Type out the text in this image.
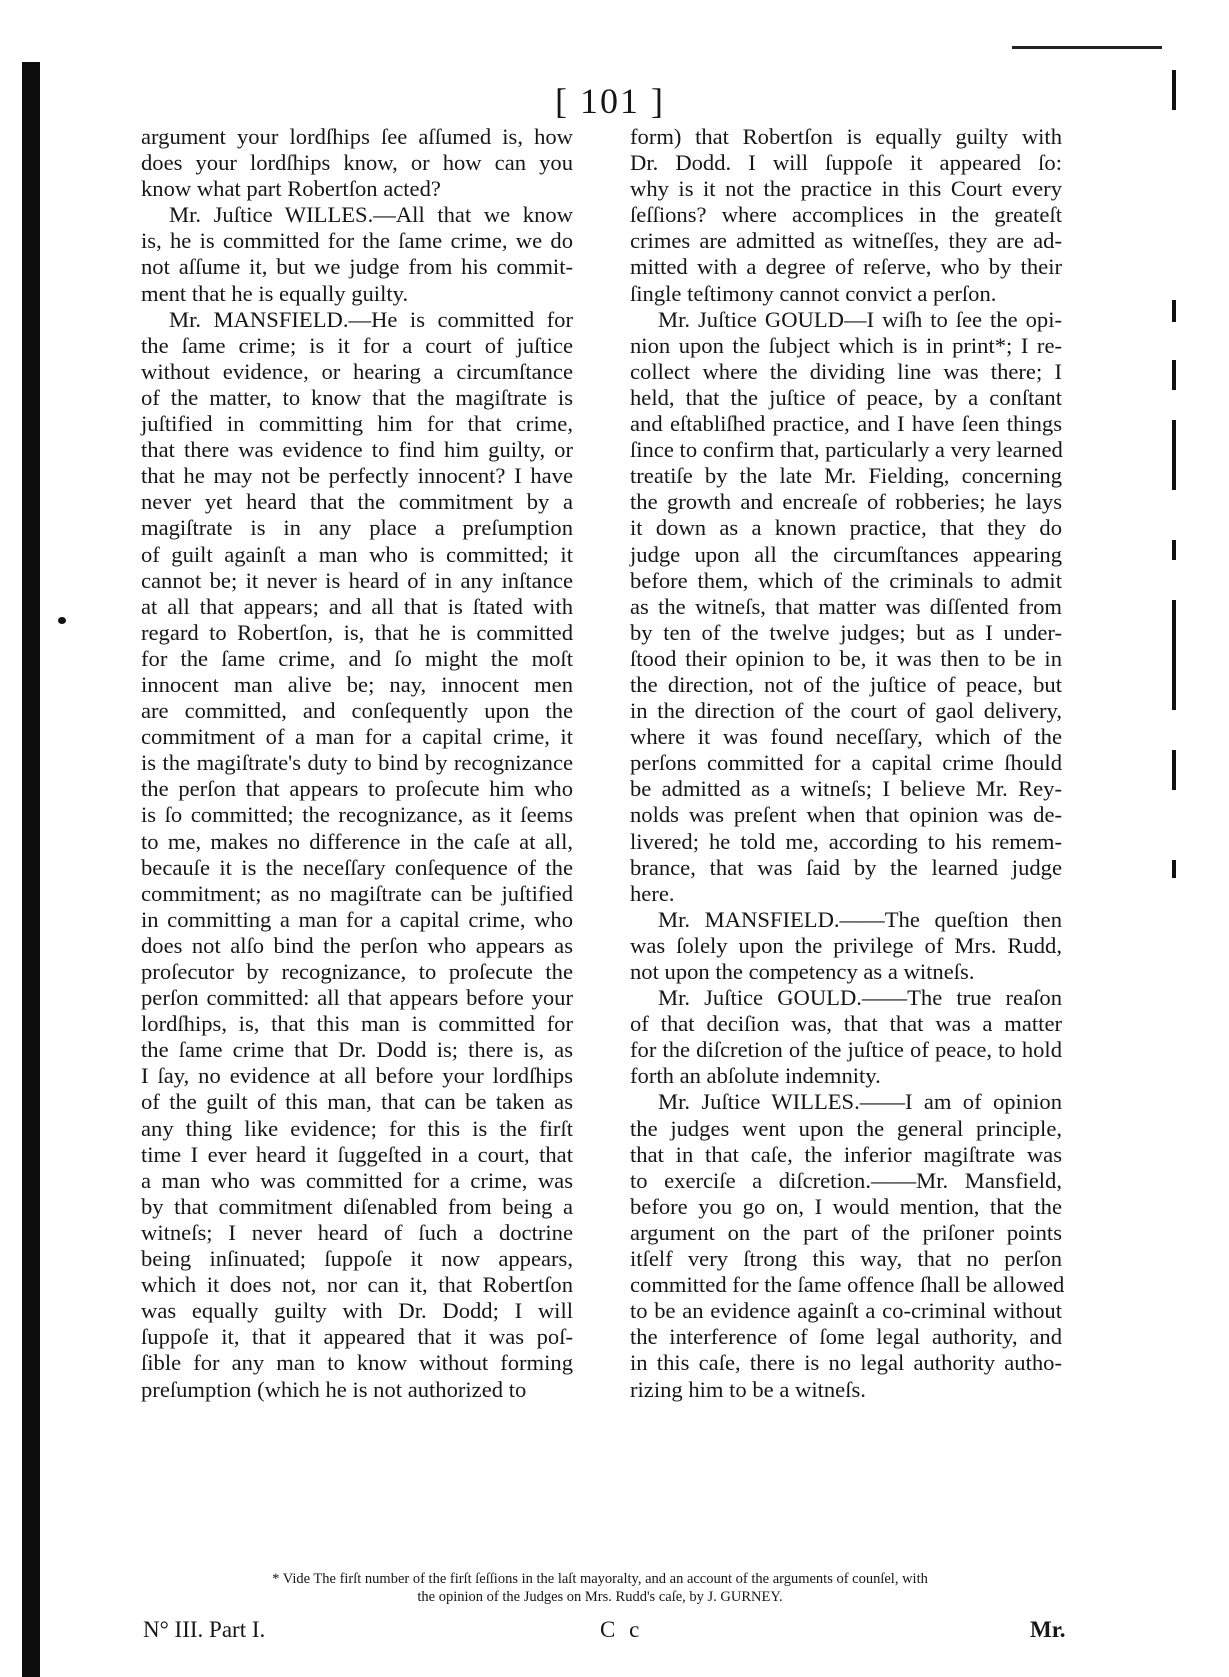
[ 101 ]
argument your lordſhips ſee aſſumed is, how
does your lordſhips know, or how can you
know what part Robertſon acted?
Mr. Juſtice WILLES.—All that we know
is, he is committed for the ſame crime, we do
not aſſume it, but we judge from his commit-
ment that he is equally guilty.
Mr. MANSFIELD.—He is committed for
the ſame crime; is it for a court of juſtice
without evidence, or hearing a circumſtance
of the matter, to know that the magiſtrate is
juſtified in committing him for that crime,
that there was evidence to find him guilty, or
that he may not be perfectly innocent? I have
never yet heard that the commitment by a
magiſtrate is in any place a preſumption
of guilt againſt a man who is committed; it
cannot be; it never is heard of in any inſtance
at all that appears; and all that is ſtated with
regard to Robertſon, is, that he is committed
for the ſame crime, and ſo might the moſt
innocent man alive be; nay, innocent men
are committed, and conſequently upon the
commitment of a man for a capital crime, it
is the magiſtrate's duty to bind by recognizance
the perſon that appears to proſecute him who
is ſo committed; the recognizance, as it ſeems
to me, makes no difference in the caſe at all,
becauſe it is the neceſſary conſequence of the
commitment; as no magiſtrate can be juſtified
in committing a man for a capital crime, who
does not alſo bind the perſon who appears as
proſecutor by recognizance, to proſecute the
perſon committed: all that appears before your
lordſhips, is, that this man is committed for
the ſame crime that Dr. Dodd is; there is, as
I ſay, no evidence at all before your lordſhips
of the guilt of this man, that can be taken as
any thing like evidence; for this is the firſt
time I ever heard it ſuggeſted in a court, that
a man who was committed for a crime, was
by that commitment diſenabled from being a
witneſs; I never heard of ſuch a doctrine
being inſinuated; ſuppoſe it now appears,
which it does not, nor can it, that Robertſon
was equally guilty with Dr. Dodd; I will
ſuppoſe it, that it appeared that it was poſ-
ſible for any man to know without forming
preſumption (which he is not authorized to
form) that Robertſon is equally guilty with
Dr. Dodd. I will ſuppoſe it appeared ſo:
why is it not the practice in this Court every
ſeſſions? where accomplices in the greateſt
crimes are admitted as witneſſes, they are ad-
mitted with a degree of reſerve, who by their
ſingle teſtimony cannot convict a perſon.
Mr. Juſtice GOULD—I wiſh to ſee the opi-
nion upon the ſubject which is in print*; I re-
collect where the dividing line was there; I
held, that the juſtice of peace, by a conſtant
and eſtabliſhed practice, and I have ſeen things
ſince to confirm that, particularly a very learned
treatiſe by the late Mr. Fielding, concerning
the growth and encreaſe of robberies; he lays
it down as a known practice, that they do
judge upon all the circumſtances appearing
before them, which of the criminals to admit
as the witneſs, that matter was diſſented from
by ten of the twelve judges; but as I under-
ſtood their opinion to be, it was then to be in
the direction, not of the juſtice of peace, but
in the direction of the court of gaol delivery,
where it was found neceſſary, which of the
perſons committed for a capital crime ſhould
be admitted as a witneſs; I believe Mr. Rey-
nolds was preſent when that opinion was de-
livered; he told me, according to his remem-
brance, that was ſaid by the learned judge
here.
Mr. MANSFIELD.——The queſtion then
was ſolely upon the privilege of Mrs. Rudd,
not upon the competency as a witneſs.
Mr. Juſtice GOULD.——The true reaſon
of that deciſion was, that that was a matter
for the diſcretion of the juſtice of peace, to hold
forth an abſolute indemnity.
Mr. Juſtice WILLES.——I am of opinion
the judges went upon the general principle,
that in that caſe, the inferior magiſtrate was
to exerciſe a diſcretion.——Mr. Mansfield,
before you go on, I would mention, that the
argument on the part of the priſoner points
itſelf very ſtrong this way, that no perſon
committed for the ſame offence ſhall be allowed
to be an evidence againſt a co-criminal without
the interference of ſome legal authority, and
in this caſe, there is no legal authority autho-
rizing him to be a witneſs.
* Vide The firſt number of the firſt ſeſſions in the laſt mayoralty, and an account of the arguments of counſel, with
the opinion of the Judges on Mrs. Rudd's caſe, by J. GURNEY.
N° III. Part I.	C c	Mr.
